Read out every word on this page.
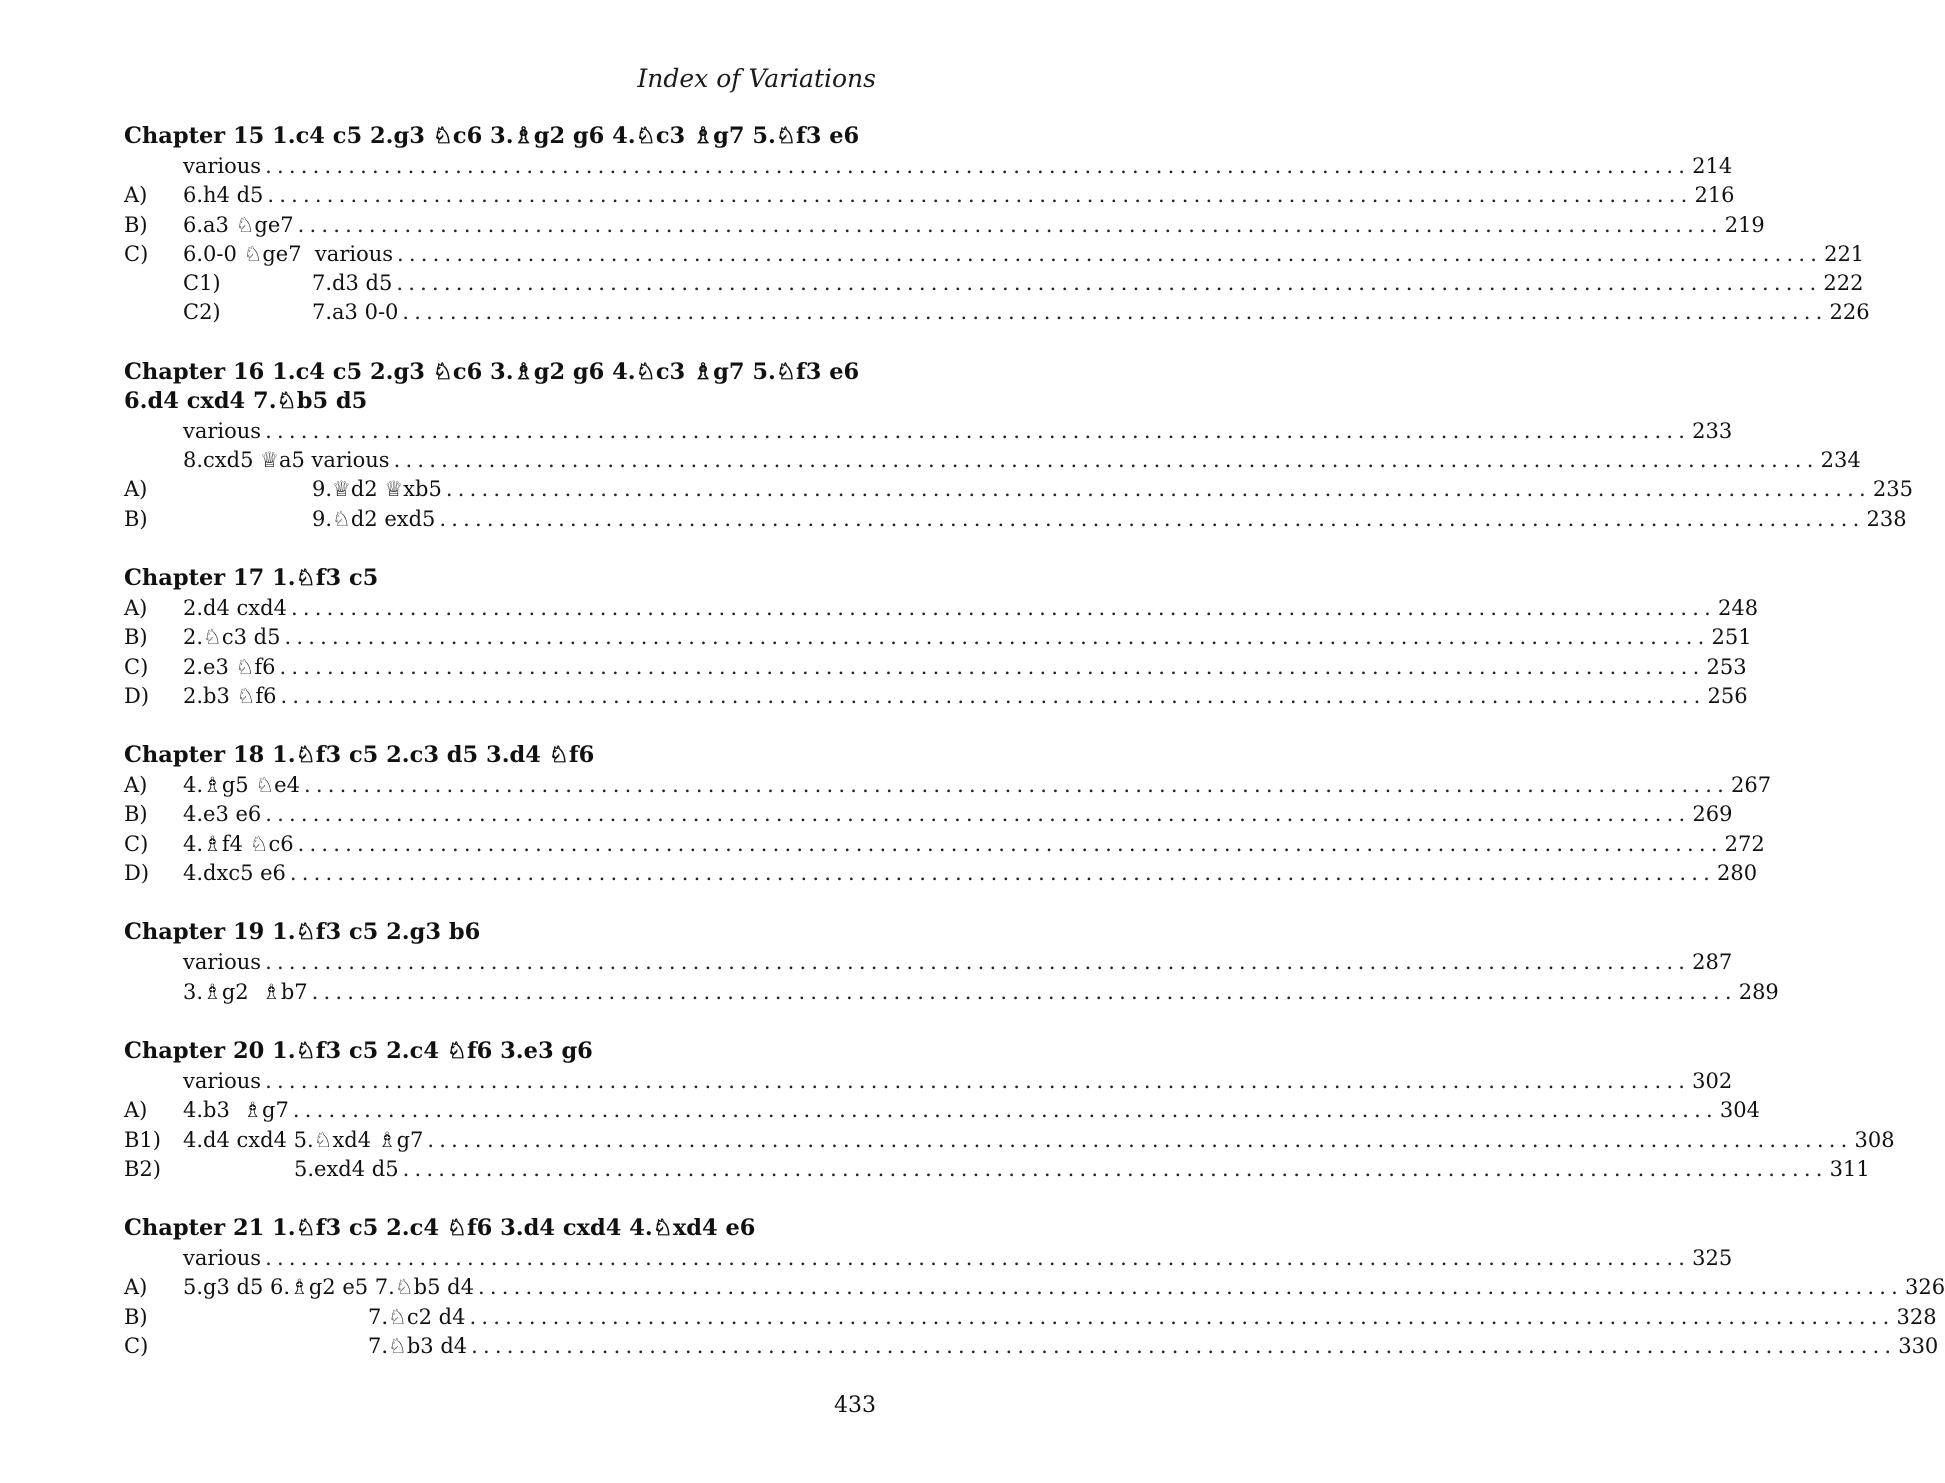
Index of Variations
Chapter 15 1.c4 c5 2.g3 ♘c6 3.♗g2 g6 4.♘c3 ♗g7 5.♘f3 e6
various ........................................................................................................................ 214
A) 6.h4 d5 ........................................................................................................................ 216
B) 6.a3 ♘ge7 ........................................................................................................................ 219
C) 6.0-0 ♘ge7  various ........................................................................................................................ 221
C1)	7.d3 d5 ........................................................................................................................ 222
C2)	7.a3 0-0 ........................................................................................................................ 226
Chapter 16 1.c4 c5 2.g3 ♘c6 3.♗g2 g6 4.♘c3 ♗g7 5.♘f3 e6 6.d4 cxd4 7.♘b5 d5
various ........................................................................................................................ 233
8.cxd5 ♕a5 various ........................................................................................................................ 234
A)	9.♕d2 ♕xb5 ........................................................................................................................ 235
B)	9.♘d2 exd5 ........................................................................................................................ 238
Chapter 17 1.♘f3 c5
A) 2.d4 cxd4 ........................................................................................................................ 248
B) 2.♘c3 d5 ........................................................................................................................ 251
C) 2.e3 ♘f6 ........................................................................................................................ 253
D) 2.b3 ♘f6 ........................................................................................................................ 256
Chapter 18 1.♘f3 c5 2.c3 d5 3.d4 ♘f6
A) 4.♗g5 ♘e4 ........................................................................................................................ 267
B) 4.e3 e6 ........................................................................................................................ 269
C) 4.♗f4 ♘c6 ........................................................................................................................ 272
D) 4.dxc5 e6 ........................................................................................................................ 280
Chapter 19 1.♘f3 c5 2.g3 b6
various ........................................................................................................................ 287
3.♗g2  ♗b7 ........................................................................................................................ 289
Chapter 20 1.♘f3 c5 2.c4 ♘f6 3.e3 g6
various ........................................................................................................................ 302
A) 4.b3  ♗g7 ........................................................................................................................ 304
B1) 4.d4 cxd4 5.♘xd4 ♗g7 ........................................................................................................................ 308
B2)	5.exd4 d5 ........................................................................................................................ 311
Chapter 21 1.♘f3 c5 2.c4 ♘f6 3.d4 cxd4 4.♘xd4 e6
various ........................................................................................................................ 325
A) 5.g3 d5 6.♗g2 e5 7.♘b5 d4 ........................................................................................................................ 326
B)	7.♘c2 d4 ........................................................................................................................ 328
C)	7.♘b3 d4 ........................................................................................................................ 330
433
